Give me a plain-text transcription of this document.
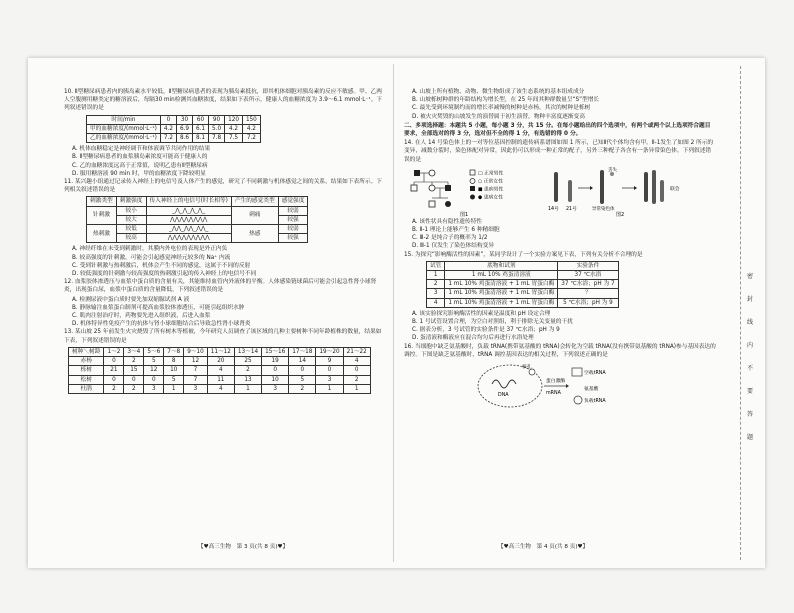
10. Ⅱ型糖尿病患者内的胰岛素水平较低，Ⅱ型糖尿病患者的表现为胰岛素抵抗，即其机体细胞对胰岛素的反应不敏感。甲、乙两人空腹测用糖类定的糖溶液后，每隔30 min检测其血糖浓度，结果如下表所示。健康人的血糖浓度为 3.9～6.1 mmol·L⁻¹。下列叙述错误的是
时间/min	0	30	60	90	120	150
甲的血糖浓度/(mmol·L⁻¹)	4.2	6.9	6.1	5.0	4.2	4.2
乙的血糖浓度/(mmol·L⁻¹)	7.2	8.6	8.1	7.8	7.5	7.2
A. 机体血糖稳定是神经调节和体液调节共同作用的结果
B. Ⅱ型糖尿病患者的血浆胰岛素浓度可能高于健康人的
C. 乙的血糖浓度远高于正常值，说明乙患有Ⅱ型糖尿病
D. 服用糖溶液 90 min 时，甲的血糖浓度下降较明显
11. 某兴趣小组通过记录传入神经上的电信号及人体产生的感觉，研究了不同刺激与机体感觉之间的关系，结果如下表所示。下列相关叙述错误的是
刺激类型	刺激强度	传入神经上的电信号(时长相等)	产生的感觉类型	感觉强度
针刺激	较小	_⋀_⋀_⋀_⋀_	刺痛	较弱
	较大	⋀⋀⋀⋀⋀⋀⋀⋀		较强
热刺激	较低	_⋀⋀_⋀⋀_⋀⋀_	热感	较弱
	较高	⋀⋀⋀⋀⋀⋀⋀⋀⋀		较强
A. 神经纤维在未受到刺激时，其膜内外电位的表现是外正内负
B. 较高强度的针刺激，可能会引起感觉神经元较多的 Na⁺ 内流
C. 受到针刺激与热刺激后，机体会产生不同的感觉，这属于不同的反射
D. 较低强度的针刺激与较高强度的热刺激引起的传入神经上的电信号不同
12. 血浆胶体渗透压与血浆中蛋白质的含量有关，其能维持血管内外液体的平衡。人体感染链球菌后可能会引起急性肾小球肾炎，出现蛋白尿，血浆中蛋白质的含量降低。下列叙述错误的是
A. 检测尿液中蛋白质时要先加双缩脲试剂 A 液
B. 静脉输注血浆蛋白制剂可提高血浆胶体渗透压，可能引起组织水肿
C. 肌肉注射治疗时，药物要先进入组织液，后进入血浆
D. 机体特异性免疫产生的抗体与肾小球细胞结合后导致急性肾小球肾炎
13. 某山坡 25 年前发生火灾烧毁了所有树木等植被，今年研究人员调查了该区域的几种主要树种不同年龄植株的数量，结果如下表，下列叙述错误的是
树种＼树龄	1～2	3～4	5～6	7～8	9～10	11～12	13～14	15～16	17～18	19～20	21～22
赤杨	0	2	5	8	12	20	25	19	14	9	4
栎树	21	15	12	10	7	4	2	0	0	0	0
松树	0	0	0	5	7	11	13	10	5	3	2
杜鹃	2	2	3	1	3	4	1	3	2	1	1
【♥高三生物　第 3 页(共 8 页)♥】
A. 山坡上所有植物、动物、微生物组成了该生态系统的基本组成成分
B. 山坡栎树种群的年龄结构为增长型，在 25 年间其种群数量呈“S”型增长
C. 最先受到环境制约而的增长率减慢的树种是赤杨，其次的树种是栎树
D. 被火灾焚毁的山坡发生的演替属于初生演替，物种丰富度逐渐变高
二、多项选择题：本题共 5 小题，每小题 3 分，共 15 分。在每小题给出的四个选项中，有两个或两个以上选项符合题目要求，全部选对的得 3 分，选对但不全的得 1 分，有选错的得 0 分。
14. 在人 14 号染色体上的一对等位基因控制的遗传病系谱图如图 1 所示，已知Ⅱ代个体均含有甲。Ⅱ-1发生了如图 2 所示的变异，减数分裂时，染色体配对异常，因此仍可以形成一种正常的配子，另外三种配子各含有一条异常染色体。下列叙述错误的是
□ 正常男性
○ 正常女性
■ 患病男性
● 患病女性
图1
14号 21号
丢失
异常染色体
联会
图2
A. 该性状具有隐性遗传特性
B. Ⅱ-1 理论上能够产生 6 种精细胞
C. Ⅲ-2 是纯合子的概率为 1/2
D. Ⅲ-1 仅发生了染色体结构变异
15. 为探究“影响酶活性的因素”，某同学设计了一个实验方案见下表，下列有关分析不合理的是
试管	底物和试剂	实验条件
1	1 mL 10% 鸡蛋清溶液	37 ℃水浴
2	1 mL 10% 鸡蛋清溶液 + 1 mL 胃蛋白酶	37 ℃水浴；pH 为 7
3	1 mL 10% 鸡蛋清溶液 + 1 mL 胃蛋白酶	？
4	1 mL 10% 鸡蛋清溶液 + 1 mL 胃蛋白酶	5 ℃水浴；pH 为 9
A. 该实验探究影响酶活性的因素是温度和 pH 设定合理
B. 1 号试管设置合理，为空白对照组，利于排除无关变量的干扰
C. 据表分析，3 号试管的实验条件是 37 ℃水浴；pH 为 9
D. 蛋清液和酶液应在混合均匀后再进行水浴处理
16. 当细胞中缺乏氨基酸时，负载 tRNA(携带氨基酸的 tRNA)会转化为空载 tRNA(没有携带氨基酸的 tRNA)参与基因表达的调控。下图是缺乏氨基酸时，tRNA 调控基因表达的相关过程，下列叙述正确的是
空载tRNA
核孔
DNA
氨基酸
蛋白激酶
mRNA
负载tRNA
【♥高三生物　第 4 页(共 8 页)♥】
密
封
线
内
不
要
答
题
